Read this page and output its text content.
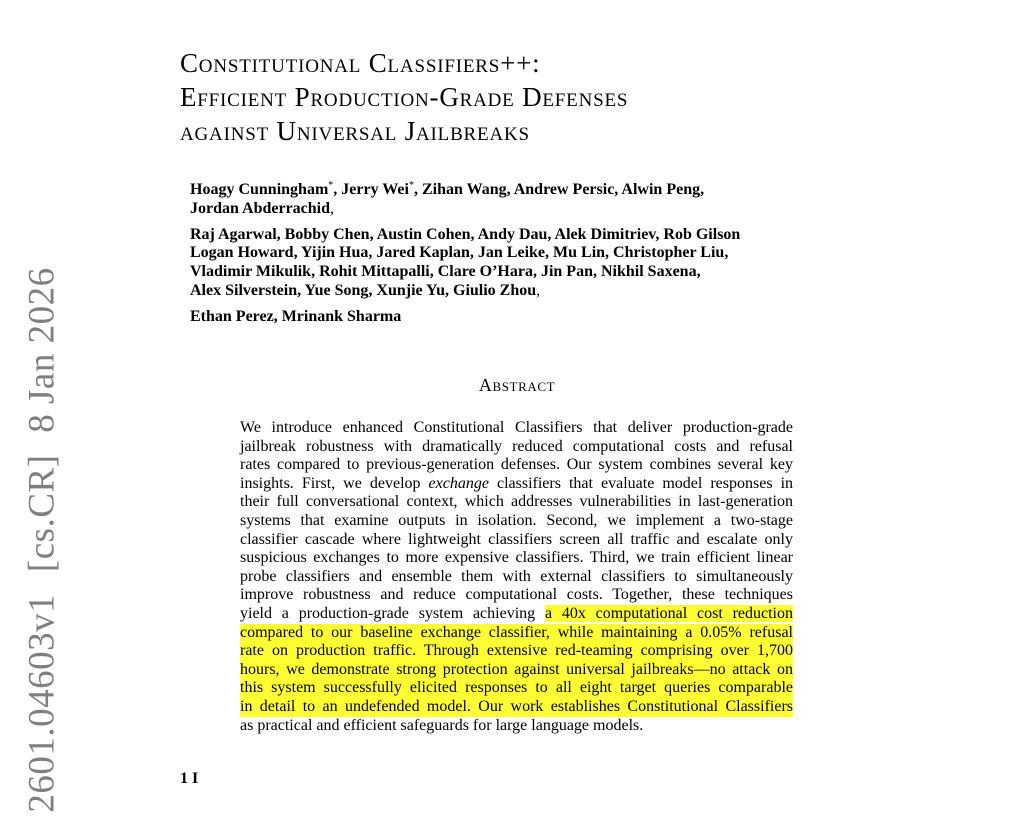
2601.04603v1 [cs.CR] 8 Jan 2026
Constitutional Classifiers++:
Efficient Production-Grade Defenses
against Universal Jailbreaks
Hoagy Cunningham*, Jerry Wei*, Zihan Wang, Andrew Persic, Alwin Peng,
Jordan Abderrachid,
Raj Agarwal, Bobby Chen, Austin Cohen, Andy Dau, Alek Dimitriev, Rob Gilson
Logan Howard, Yijin Hua, Jared Kaplan, Jan Leike, Mu Lin, Christopher Liu,
Vladimir Mikulik, Rohit Mittapalli, Clare O’Hara, Jin Pan, Nikhil Saxena,
Alex Silverstein, Yue Song, Xunjie Yu, Giulio Zhou,
Ethan Perez, Mrinank Sharma
Abstract
We introduce enhanced Constitutional Classifiers that deliver production-grade
jailbreak robustness with dramatically reduced computational costs and refusal
rates compared to previous-generation defenses. Our system combines several key
insights. First, we develop exchange classifiers that evaluate model responses in
their full conversational context, which addresses vulnerabilities in last-generation
systems that examine outputs in isolation. Second, we implement a two-stage
classifier cascade where lightweight classifiers screen all traffic and escalate only
suspicious exchanges to more expensive classifiers. Third, we train efficient linear
probe classifiers and ensemble them with external classifiers to simultaneously
improve robustness and reduce computational costs. Together, these techniques
yield a production-grade system achieving a 40x computational cost reduction
compared to our baseline exchange classifier, while maintaining a 0.05% refusal
rate on production traffic. Through extensive red-teaming comprising over 1,700
hours, we demonstrate strong protection against universal jailbreaks—no attack on
this system successfully elicited responses to all eight target queries comparable
in detail to an undefended model. Our work establishes Constitutional Classifiers
as practical and efficient safeguards for large language models.
1 I
